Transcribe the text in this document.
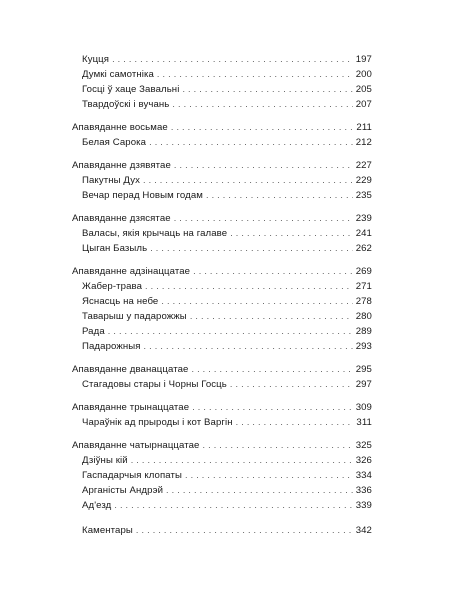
Куцця . . .	197
Думкі самотніка . . .	200
Госці ў хаце Завальні . . .	205
Твардоўскі і вучань . . .	207
Апавяданне восьмае . . .	211
Белая Сарока . . .	212
Апавяданне дзявятае . . .	227
Пакутны Дух . . .	229
Вечар перад Новым годам . . .	235
Апавяданне дзясятае . . .	239
Валасы, якія крычаць на галаве . . .	241
Цыган Базыль . . .	262
Апавяданне адзінаццатае . . .	269
Жабер-трава . . .	271
Яснасць на небе . . .	278
Таварыш у падарожжы . . .	280
Рада . . .	289
Падарожныя . . .	293
Апавяданне дванаццатае . . .	295
Стагадовы стары і Чорны Госць . . .	297
Апавяданне трынаццатае . . .	309
Чараўнік ад прыроды і кот Варгін . . .	311
Апавяданне чатырнаццатае . . .	325
Дзіўны кій . . .	326
Гаспадарчыя клопаты . . .	334
Арганісты Андрэй . . .	336
Ад'езд . . .	339
Каментары . . .	342
